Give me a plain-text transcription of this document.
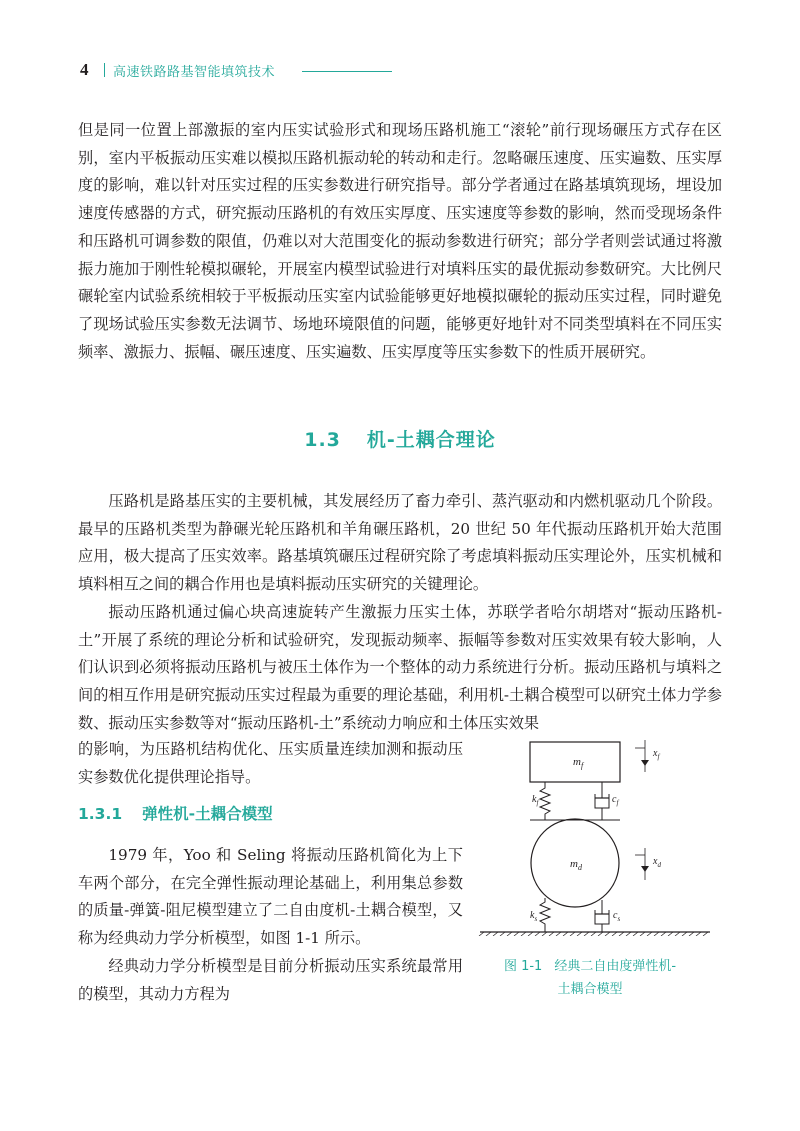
4 高速铁路路基智能填筑技术

但是同一位置上部激振的室内压实试验形式和现场压路机施工“滚轮”前行现场碾压方式存在区别，室内平板振动压实难以模拟压路机振动轮的转动和走行。忽略碾压速度、压实遍数、压实厚度的影响，难以针对压实过程的压实参数进行研究指导。部分学者通过在路基填筑现场，埋设加速度传感器的方式，研究振动压路机的有效压实厚度、压实速度等参数的影响，然而受现场条件和压路机可调参数的限值，仍难以对大范围变化的振动参数进行研究；部分学者则尝试通过将激振力施加于刚性轮模拟碾轮，开展室内模型试验进行对填料压实的最优振动参数研究。大比例尺碾轮室内试验系统相较于平板振动压实室内试验能够更好地模拟碾轮的振动压实过程，同时避免了现场试验压实参数无法调节、场地环境限值的问题，能够更好地针对不同类型填料在不同压实频率、激振力、振幅、碾压速度、压实遍数、压实厚度等压实参数下的性质开展研究。

1.3 机-土耦合理论

压路机是路基压实的主要机械，其发展经历了畜力牵引、蒸汽驱动和内燃机驱动几个阶段。最早的压路机类型为静碾光轮压路机和羊角碾压路机，20 世纪 50 年代振动压路机开始大范围应用，极大提高了压实效率。路基填筑碾压过程研究除了考虑填料振动压实理论外，压实机械和填料相互之间的耦合作用也是填料振动压实研究的关键理论。

振动压路机通过偏心块高速旋转产生激振力压实土体，苏联学者哈尔胡塔对“振动压路机-土”开展了系统的理论分析和试验研究，发现振动频率、振幅等参数对压实效果有较大影响，人们认识到必须将振动压路机与被压土体作为一个整体的动力系统进行分析。振动压路机与填料之间的相互作用是研究振动压实过程最为重要的理论基础，利用机-土耦合模型可以研究土体力学参数、振动压实参数等对“振动压路机-土”系统动力响应和土体压实效果

的影响，为压路机结构优化、压实质量连续加测和振动压实参数优化提供理论指导。

1.3.1 弹性机-土耦合模型

1979 年，Yoo 和 Seling 将振动压路机简化为上下车两个部分，在完全弹性振动理论基础上，利用集总参数的质量-弹簧-阻尼模型建立了二自由度机-土耦合模型，又称为经典动力学分析模型，如图 1-1 所示。

经典动力学分析模型是目前分析振动压实系统最常用的模型，其动力方程为

$m_f$
$x_f$
$k_f$	$c_f$
$m_d$
$x_d$
$k_s$	$c_s$
图 1-1 经典二自由度弹性机-
土耦合模型
